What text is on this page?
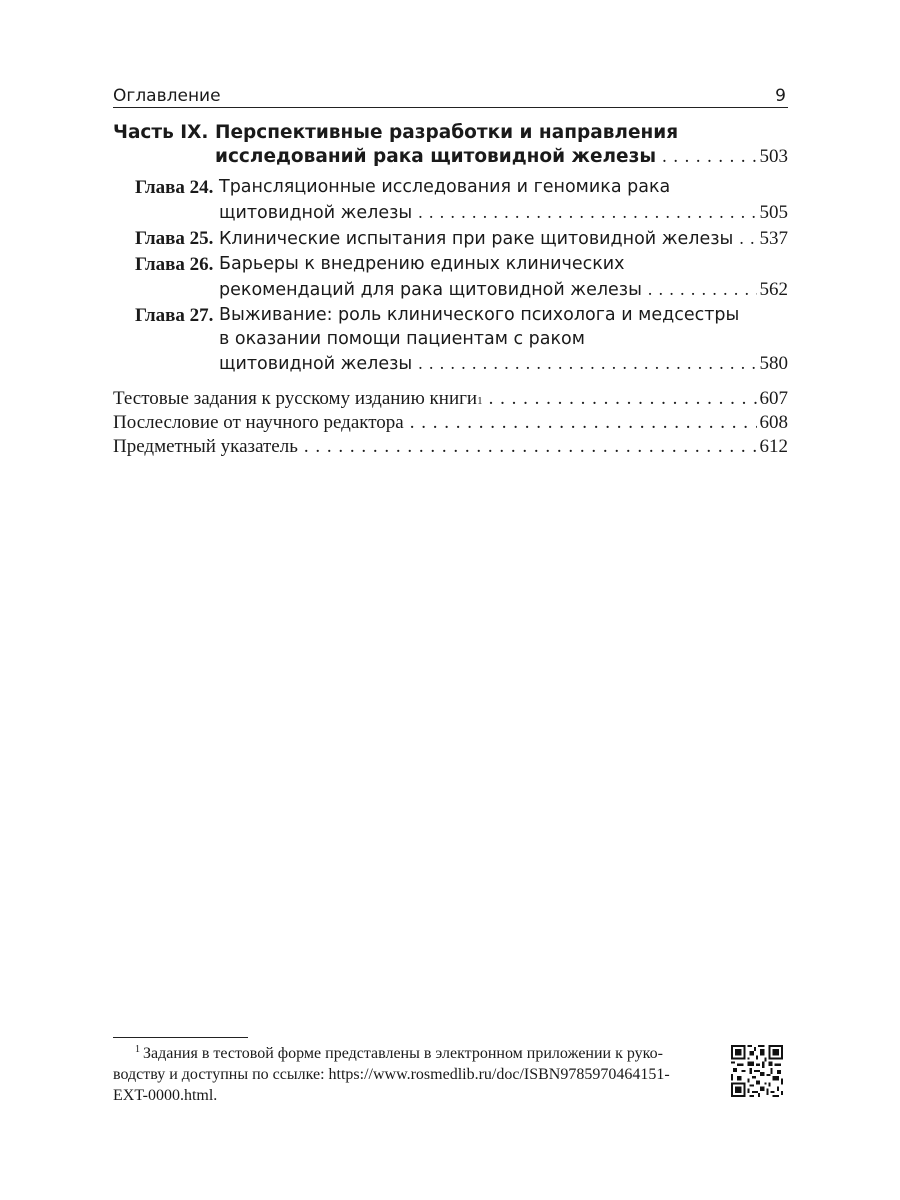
Оглавление	9
Часть IX. Перспективные разработки и направления
исследований рака щитовидной железы . . .	503
Глава 24. Трансляционные исследования и геномика рака
щитовидной железы . . .	505
Глава 25. Клинические испытания при раке щитовидной железы . . . 537
Глава 26. Барьеры к внедрению единых клинических
рекомендаций для рака щитовидной железы . . .	562
Глава 27. Выживание: роль клинического психолога и медсестры
в оказании помощи пациентам с раком
щитовидной железы . . .	580
Тестовые задания к русскому изданию книги 1 . . .	607
Послесловие от научного редактора . . .	608
Предметный указатель . . .	612
$^1$ Задания в тестовой форме представлены в электронном приложении к руко-
водству и доступны по ссылке: https://www.rosmedlib.ru/doc/ISBN9785970464151-
EXT-0000.html.
